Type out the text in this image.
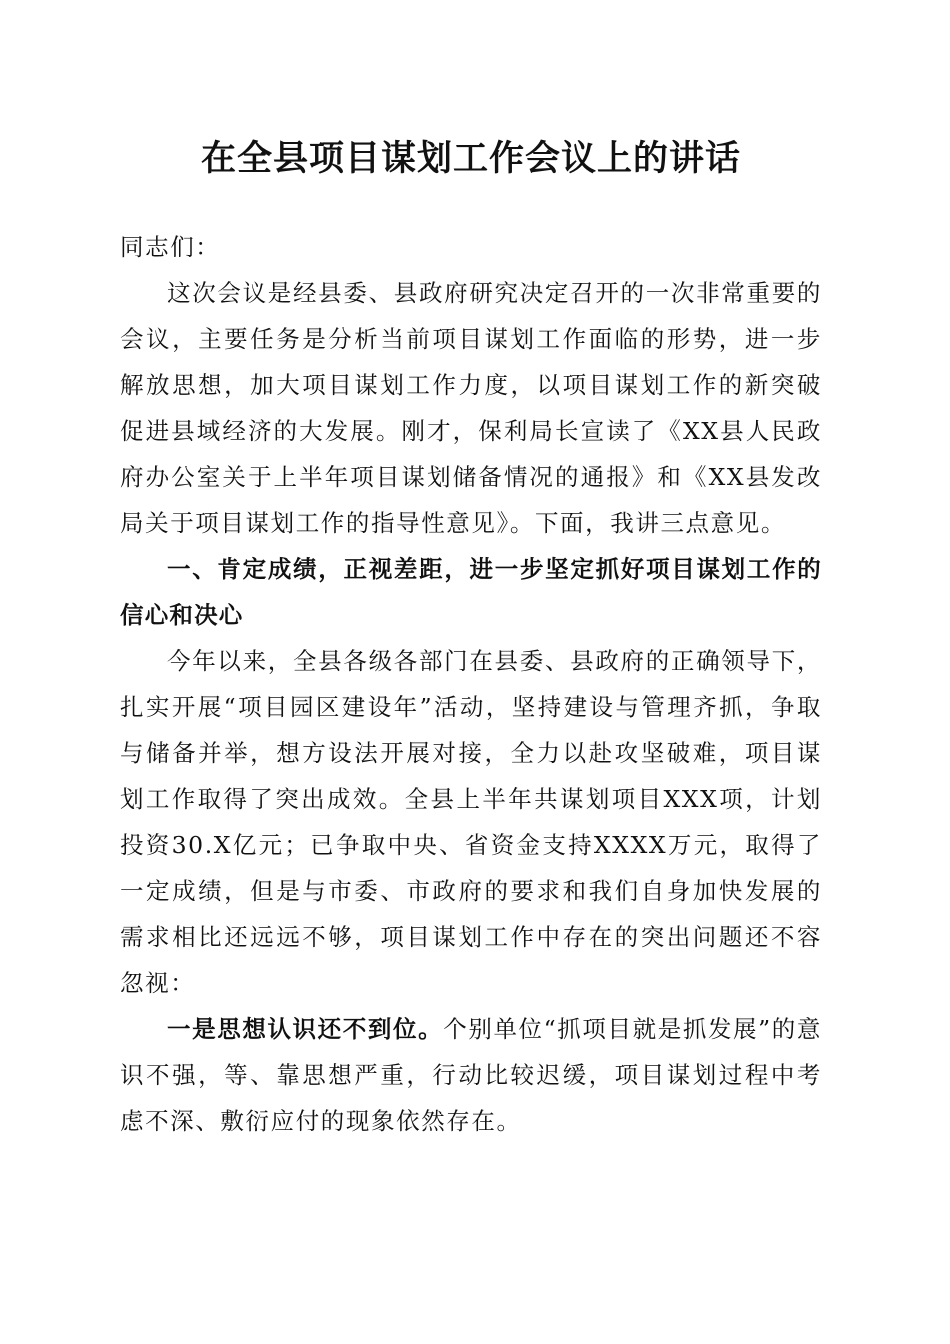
在全县项目谋划工作会议上的讲话

同志们：

这次会议是经县委、县政府研究决定召开的一次非常重要的会议，主要任务是分析当前项目谋划工作面临的形势，进一步解放思想，加大项目谋划工作力度，以项目谋划工作的新突破促进县域经济的大发展。刚才，保利局长宣读了《XX县人民政府办公室关于上半年项目谋划储备情况的通报》和《XX县发改局关于项目谋划工作的指导性意见》。下面，我讲三点意见。

一、肯定成绩，正视差距，进一步坚定抓好项目谋划工作的信心和决心

今年以来，全县各级各部门在县委、县政府的正确领导下，扎实开展“项目园区建设年”活动，坚持建设与管理齐抓，争取与储备并举，想方设法开展对接，全力以赴攻坚破难，项目谋划工作取得了突出成效。全县上半年共谋划项目XXX项，计划投资30.X亿元；已争取中央、省资金支持XXXX万元，取得了一定成绩，但是与市委、市政府的要求和我们自身加快发展的需求相比还远远不够，项目谋划工作中存在的突出问题还不容忽视：

一是思想认识还不到位。个别单位“抓项目就是抓发展”的意识不强，等、靠思想严重，行动比较迟缓，项目谋划过程中考虑不深、敷衍应付的现象依然存在。
